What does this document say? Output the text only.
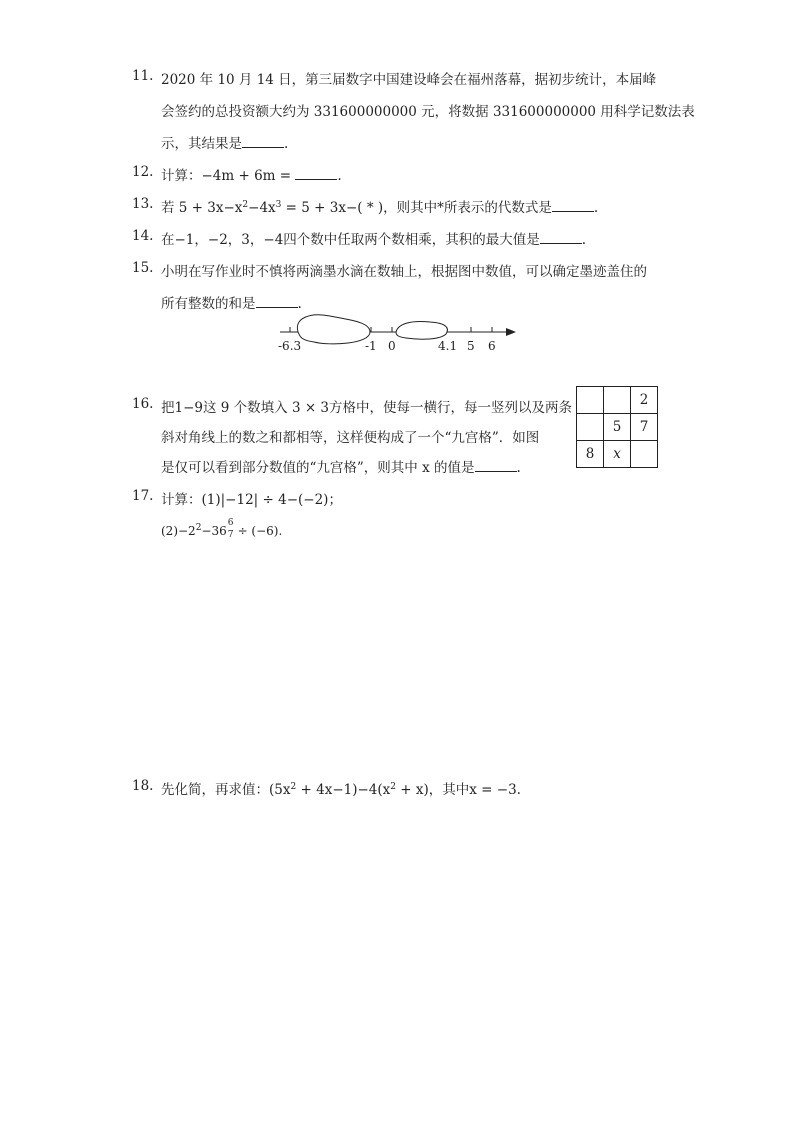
11. 2020 年 10 月 14 日，第三届数字中国建设峰会在福州落幕，据初步统计，本届峰
会签约的总投资额大约为 331600000000 元，将数据 331600000000 用科学记数法表
示，其结果是	.
12. 计算：−4m + 6m =	.
13. 若 $5 + 3x-x^2-4x^3 = 5 + 3x-$( * )，则其中*所表示的代数式是	.
14. 在−1，−2，3，−4四个数中任取两个数相乘，其积的最大值是	.
15. 小明在写作业时不慎将两滴墨水滴在数轴上，根据图中数值，可以确定墨迹盖住的
所有整数的和是	.
-6.3	-1 0	4.1 5 6
16. 把1−9这 9 个数填入 3 × 3方格中，使每一横行，每一竖列以及两条
斜对角线上的数之和都相等，这样便构成了一个“九宫格”．如图
是仅可以看到部分数值的“九宫格”，则其中 x 的值是	.
		2
	5	7
8	x	
17. 计算：(1)|−12| ÷ 4−(−2)；
$(2)-2^2-36$
6
7 ÷ (−6).
18. 先化简，再求值：$(5x^2 + 4x-1)-4(x^2 + x)$，其中x = −3.
